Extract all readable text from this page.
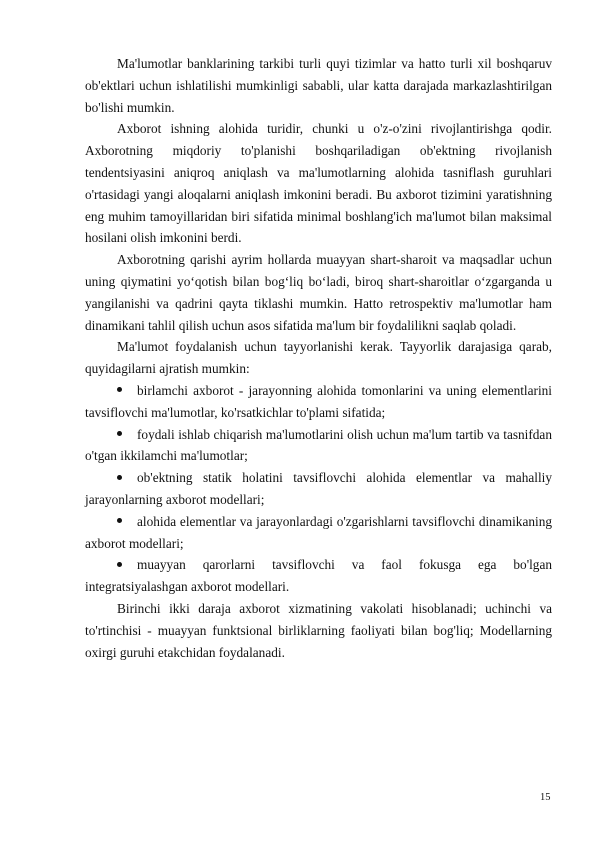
Ma'lumotlar banklarining tarkibi turli quyi tizimlar va hatto turli xil boshqaruv ob'ektlari uchun ishlatilishi mumkinligi sababli, ular katta darajada markazlashtirilgan bo'lishi mumkin.

Axborot ishning alohida turidir, chunki u o'z-o'zini rivojlantirishga qodir. Axborotning miqdoriy to'planishi boshqariladigan ob'ektning rivojlanish tendentsiyasini aniqroq aniqlash va ma'lumotlarning alohida tasniflash guruhlari o'rtasidagi yangi aloqalarni aniqlash imkonini beradi. Bu axborot tizimini yaratishning eng muhim tamoyillaridan biri sifatida minimal boshlang'ich ma'lumot bilan maksimal hosilani olish imkonini berdi.

Axborotning qarishi ayrim hollarda muayyan shart-sharoit va maqsadlar uchun uning qiymatini yo‘qotish bilan bog‘liq bo‘ladi, biroq shart-sharoitlar o‘zgarganda u yangilanishi va qadrini qayta tiklashi mumkin. Hatto retrospektiv ma'lumotlar ham dinamikani tahlil qilish uchun asos sifatida ma'lum bir foydalilikni saqlab qoladi.

Ma'lumot foydalanish uchun tayyorlanishi kerak. Tayyorlik darajasiga qarab, quyidagilarni ajratish mumkin:

birlamchi axborot - jarayonning alohida tomonlarini va uning elementlarini tavsiflovchi ma'lumotlar, ko'rsatkichlar to'plami sifatida;
foydali ishlab chiqarish ma'lumotlarini olish uchun ma'lum tartib va tasnifdan o'tgan ikkilamchi ma'lumotlar;
ob'ektning statik holatini tavsiflovchi alohida elementlar va mahalliy jarayonlarning axborot modellari;
alohida elementlar va jarayonlardagi o'zgarishlarni tavsiflovchi dinamikaning axborot modellari;
muayyan qarorlarni tavsiflovchi va faol fokusga ega bo'lgan integratsiyalashgan axborot modellari.

Birinchi ikki daraja axborot xizmatining vakolati hisoblanadi; uchinchi va to'rtinchisi - muayyan funktsional birliklarning faoliyati bilan bog'liq; Modellarning oxirgi guruhi etakchidan foydalanadi.

15
